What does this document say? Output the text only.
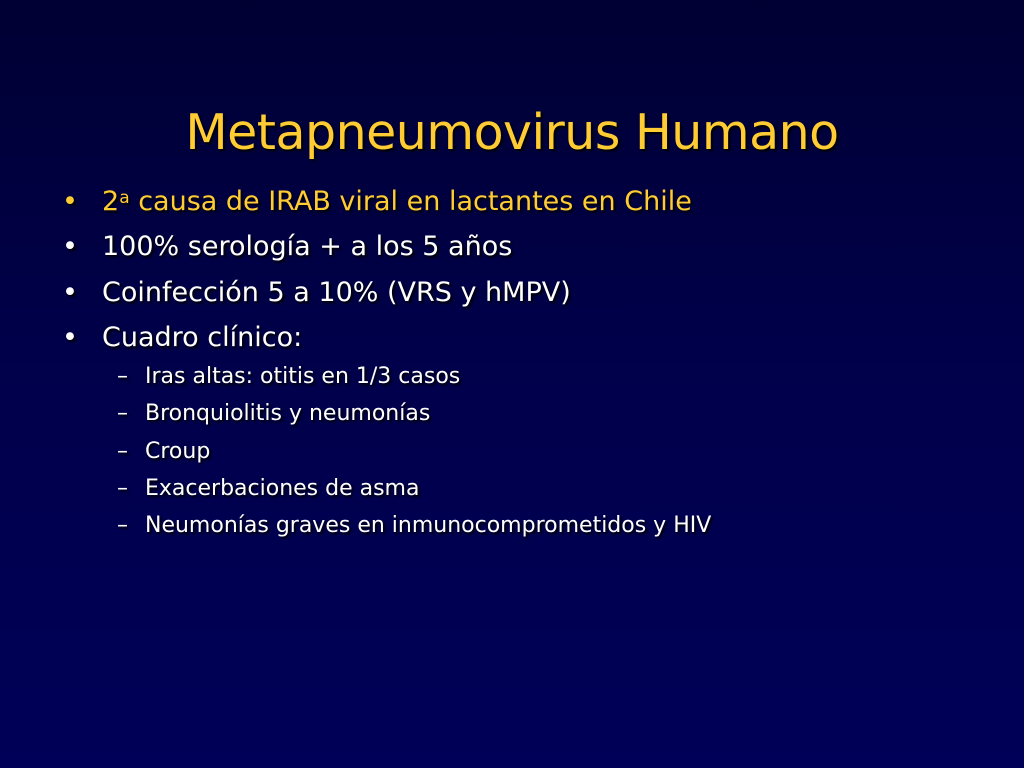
Metapneumovirus Humano
• 2$^a$ causa de IRAB viral en lactantes en Chile
• 100% serología + a los 5 años
• Coinfección 5 a 10% (VRS y hMPV)
• Cuadro clínico:
– Iras altas: otitis en 1/3 casos
– Bronquiolitis y neumonías
– Croup
– Exacerbaciones de asma
– Neumonías graves en inmunocomprometidos y HIV
